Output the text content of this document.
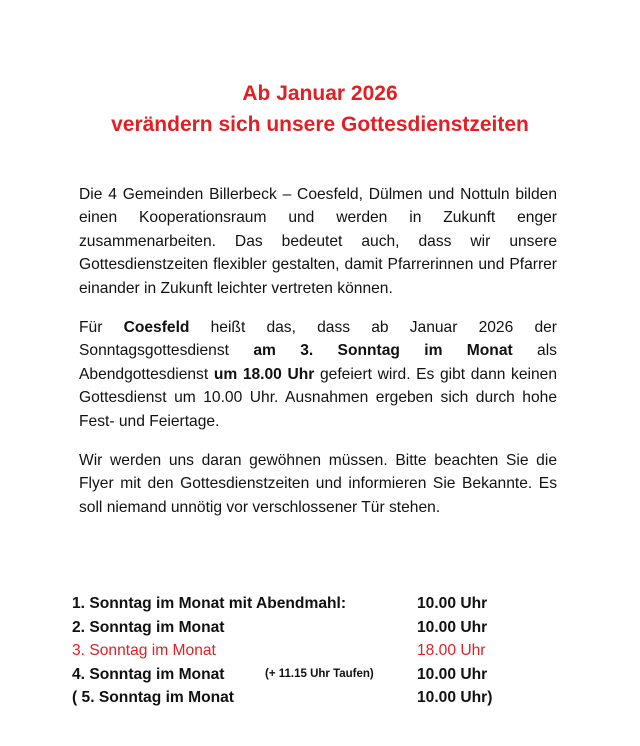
Ab Januar 2026
verändern sich unsere Gottesdienstzeiten
Die 4 Gemeinden Billerbeck – Coesfeld, Dülmen und Nottuln bilden einen Kooperationsraum und werden in Zukunft enger zusammenarbeiten. Das bedeutet auch, dass wir unsere Gottesdienstzeiten flexibler gestalten, damit Pfarrerinnen und Pfarrer einander in Zukunft leichter vertreten können.
Für Coesfeld heißt das, dass ab Januar 2026 der Sonntagsgottesdienst am 3. Sonntag im Monat als Abendgottesdienst um 18.00 Uhr gefeiert wird. Es gibt dann keinen Gottesdienst um 10.00 Uhr. Ausnahmen ergeben sich durch hohe Fest- und Feiertage.
Wir werden uns daran gewöhnen müssen. Bitte beachten Sie die Flyer mit den Gottesdienstzeiten und informieren Sie Bekannte. Es soll niemand unnötig vor verschlossener Tür stehen.
1. Sonntag im Monat mit Abendmahl:	10.00 Uhr
2. Sonntag im Monat	10.00 Uhr
3. Sonntag im Monat	18.00 Uhr
4. Sonntag im Monat	(+ 11.15 Uhr Taufen)	10.00 Uhr
( 5. Sonntag im Monat	10.00 Uhr)
